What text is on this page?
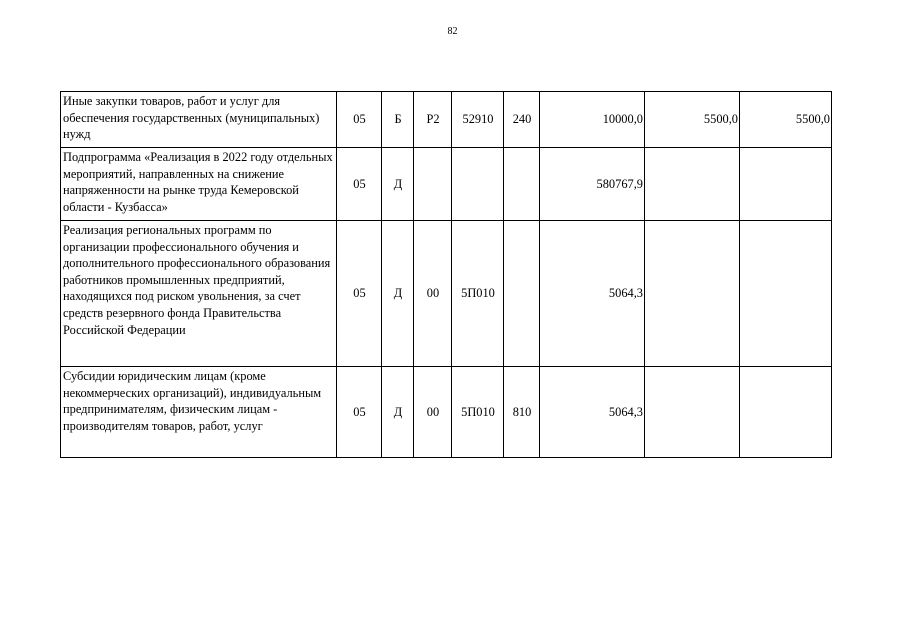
82
Иные закупки товаров, работ и услуг для обеспечения государственных (муниципальных) нужд	05	Б	Р2	52910	240	10000,0	5500,0	5500,0
Подпрограмма «Реализация в 2022 году отдельных мероприятий, направленных на снижение напряженности на рынке труда Кемеровской области - Кузбасса»	05	Д				580767,9		
Реализация региональных программ по организации профессионального обучения и дополнительного профессионального образования работников промышленных предприятий, находящихся под риском увольнения, за счет средств резервного фонда Правительства Российской Федерации	05	Д	00	5П010		5064,3		
Субсидии юридическим лицам (кроме некоммерческих организаций), индивидуальным предпринимателям, физическим лицам - производителям товаров, работ, услуг	05	Д	00	5П010	810	5064,3		
